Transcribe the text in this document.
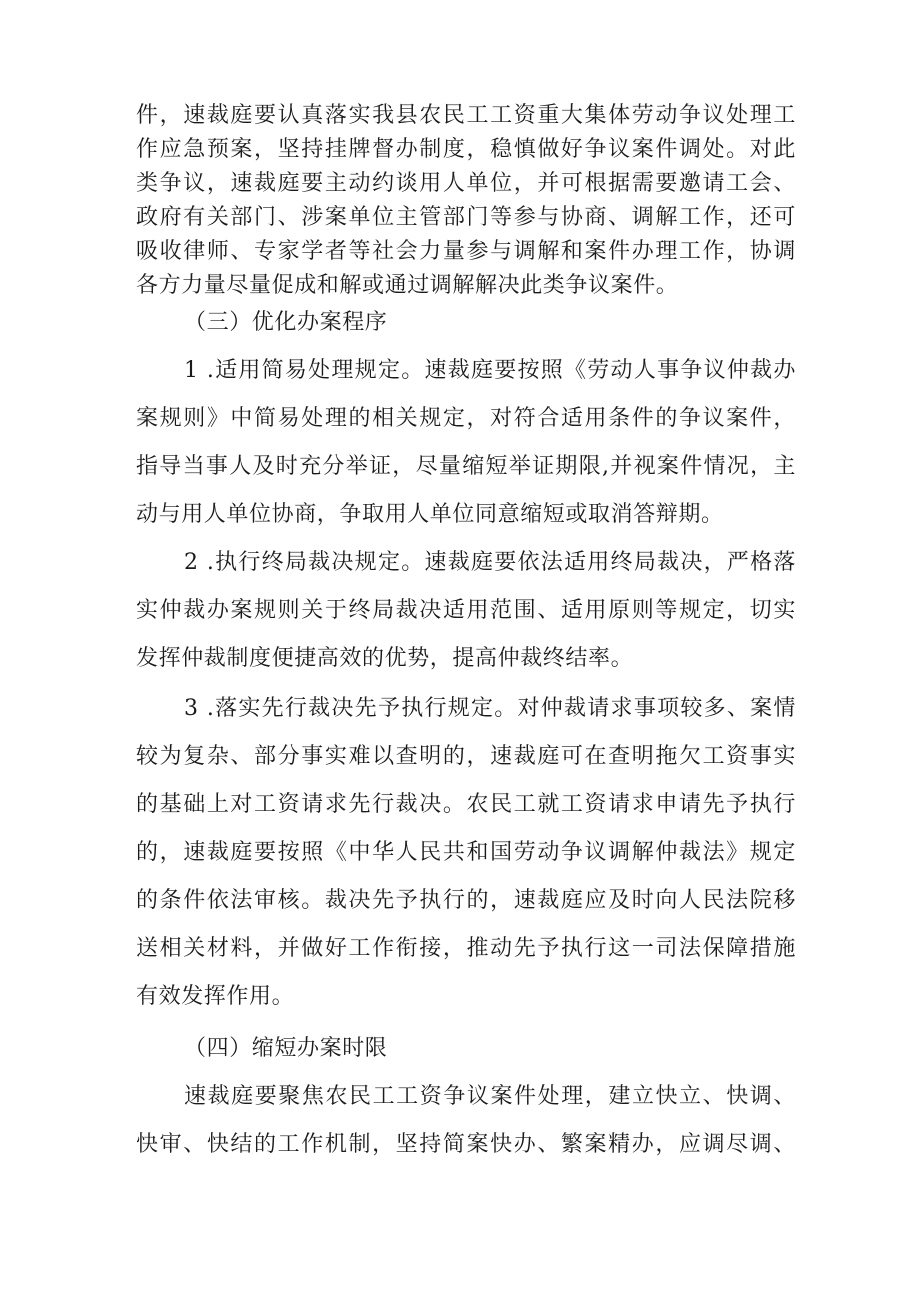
件，速裁庭要认真落实我县农民工工资重大集体劳动争议处理工
作应急预案，坚持挂牌督办制度，稳慎做好争议案件调处。对此
类争议，速裁庭要主动约谈用人单位，并可根据需要邀请工会、
政府有关部门、涉案单位主管部门等参与协商、调解工作，还可
吸收律师、专家学者等社会力量参与调解和案件办理工作，协调
各方力量尽量促成和解或通过调解解决此类争议案件。
（三）优化办案程序
1 .适用简易处理规定。速裁庭要按照《劳动人事争议仲裁办
案规则》中简易处理的相关规定，对符合适用条件的争议案件，
指导当事人及时充分举证，尽量缩短举证期限,并视案件情况，主
动与用人单位协商，争取用人单位同意缩短或取消答辩期。
2 .执行终局裁决规定。速裁庭要依法适用终局裁决，严格落
实仲裁办案规则关于终局裁决适用范围、适用原则等规定，切实
发挥仲裁制度便捷高效的优势，提高仲裁终结率。
3 .落实先行裁决先予执行规定。对仲裁请求事项较多、案情
较为复杂、部分事实难以查明的，速裁庭可在查明拖欠工资事实
的基础上对工资请求先行裁决。农民工就工资请求申请先予执行
的，速裁庭要按照《中华人民共和国劳动争议调解仲裁法》规定
的条件依法审核。裁决先予执行的，速裁庭应及时向人民法院移
送相关材料，并做好工作衔接，推动先予执行这一司法保障措施
有效发挥作用。
（四）缩短办案时限
速裁庭要聚焦农民工工资争议案件处理，建立快立、快调、
快审、快结的工作机制，坚持简案快办、繁案精办，应调尽调、
